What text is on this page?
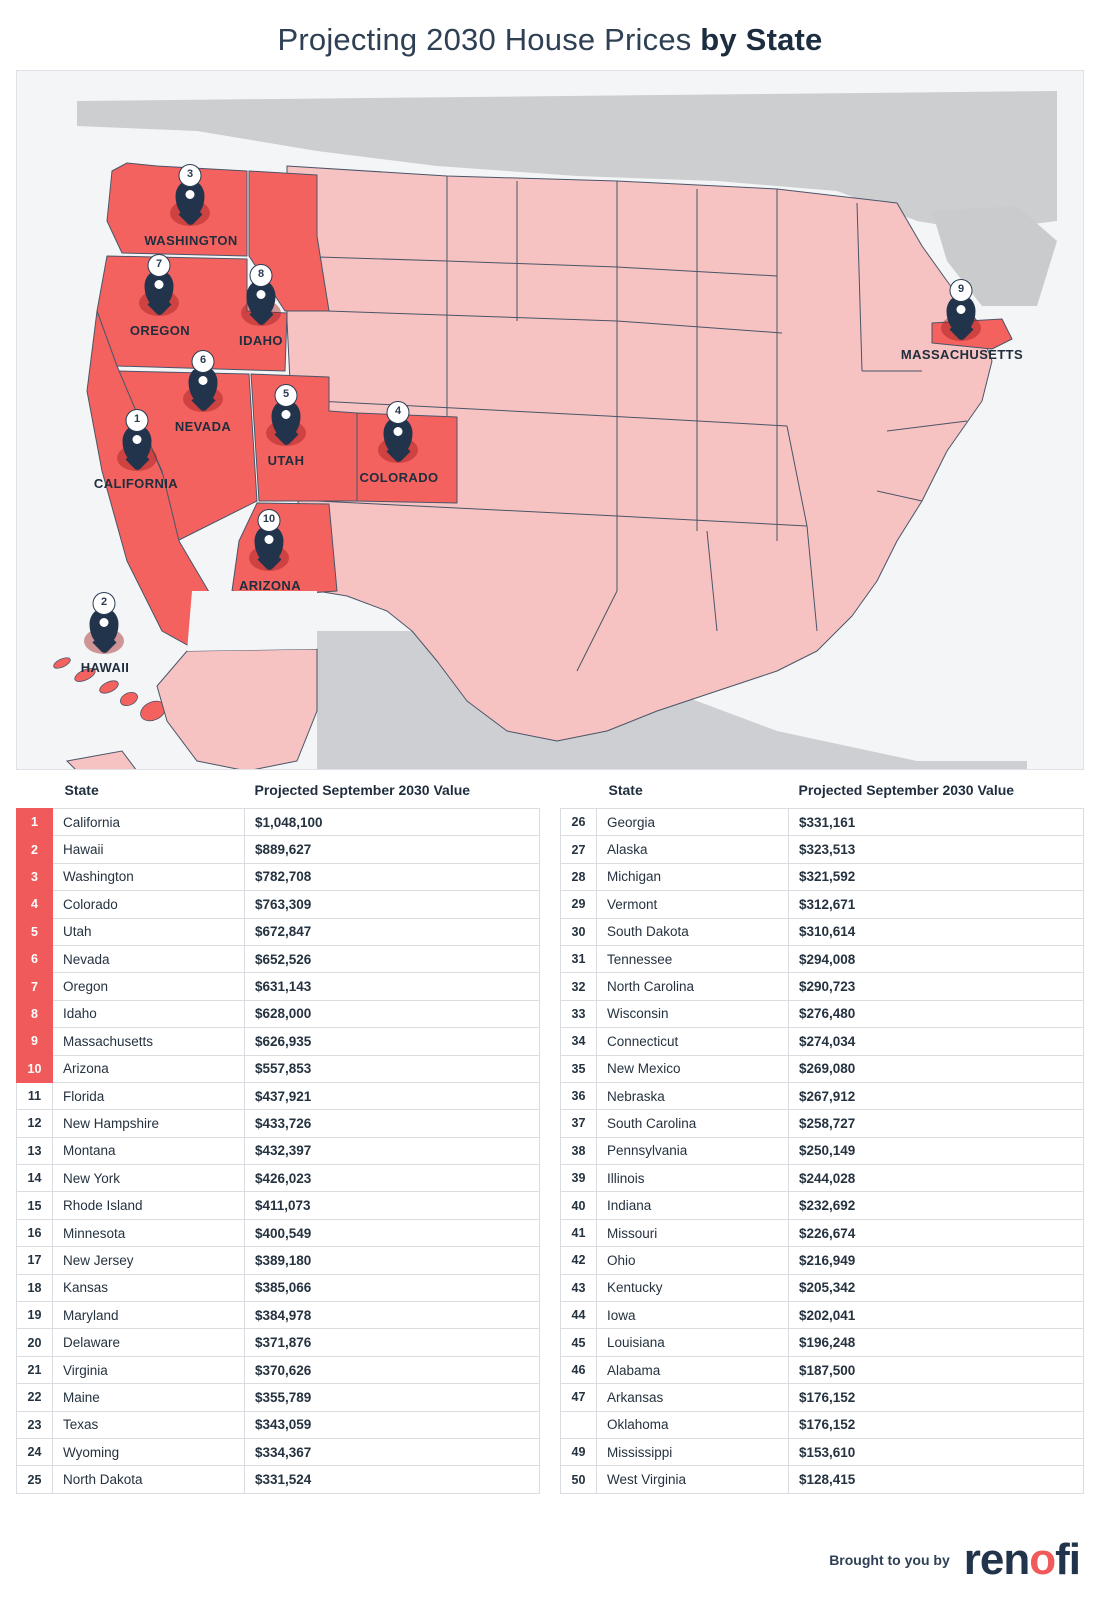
Projecting 2030 House Prices by State
3
WASHINGTON
7
OREGON
8
IDAHO
6
NEVADA
5
UTAH
4
COLORADO
1
CALIFORNIA
10
ARIZONA
2
HAWAII
9
MASSACHUSETTS
	State	Projected September 2030 Value
1	California	$1,048,100
2	Hawaii	$889,627
3	Washington	$782,708
4	Colorado	$763,309
5	Utah	$672,847
6	Nevada	$652,526
7	Oregon	$631,143
8	Idaho	$628,000
9	Massachusetts	$626,935
10	Arizona	$557,853
11	Florida	$437,921
12	New Hampshire	$433,726
13	Montana	$432,397
14	New York	$426,023
15	Rhode Island	$411,073
16	Minnesota	$400,549
17	New Jersey	$389,180
18	Kansas	$385,066
19	Maryland	$384,978
20	Delaware	$371,876
21	Virginia	$370,626
22	Maine	$355,789
23	Texas	$343,059
24	Wyoming	$334,367
25	North Dakota	$331,524
	State	Projected September 2030 Value
26	Georgia	$331,161
27	Alaska	$323,513
28	Michigan	$321,592
29	Vermont	$312,671
30	South Dakota	$310,614
31	Tennessee	$294,008
32	North Carolina	$290,723
33	Wisconsin	$276,480
34	Connecticut	$274,034
35	New Mexico	$269,080
36	Nebraska	$267,912
37	South Carolina	$258,727
38	Pennsylvania	$250,149
39	Illinois	$244,028
40	Indiana	$232,692
41	Missouri	$226,674
42	Ohio	$216,949
43	Kentucky	$205,342
44	Iowa	$202,041
45	Louisiana	$196,248
46	Alabama	$187,500
47	Arkansas	$176,152
	Oklahoma	$176,152
49	Mississippi	$153,610
50	West Virginia	$128,415
Brought to you by renofi
